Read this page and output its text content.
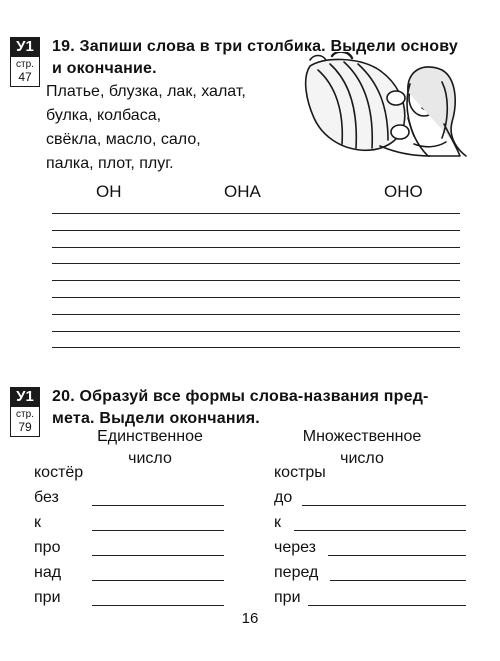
У1
стр.
47
19. Запиши слова в три столбика. Выдели основу и окончание.
Платье, блузка, лак, халат,
булка, колбаса,
свёкла, масло, сало,
палка, плот, плуг.
ОН	ОНА	ОНО
У1
стр.
79
20. Образуй все формы слова-названия пред-
мета. Выдели окончания.
Единственное
число
Множественное
число
костёр
без
к
про
над
при
костры
до
к
через
перед
при
16
